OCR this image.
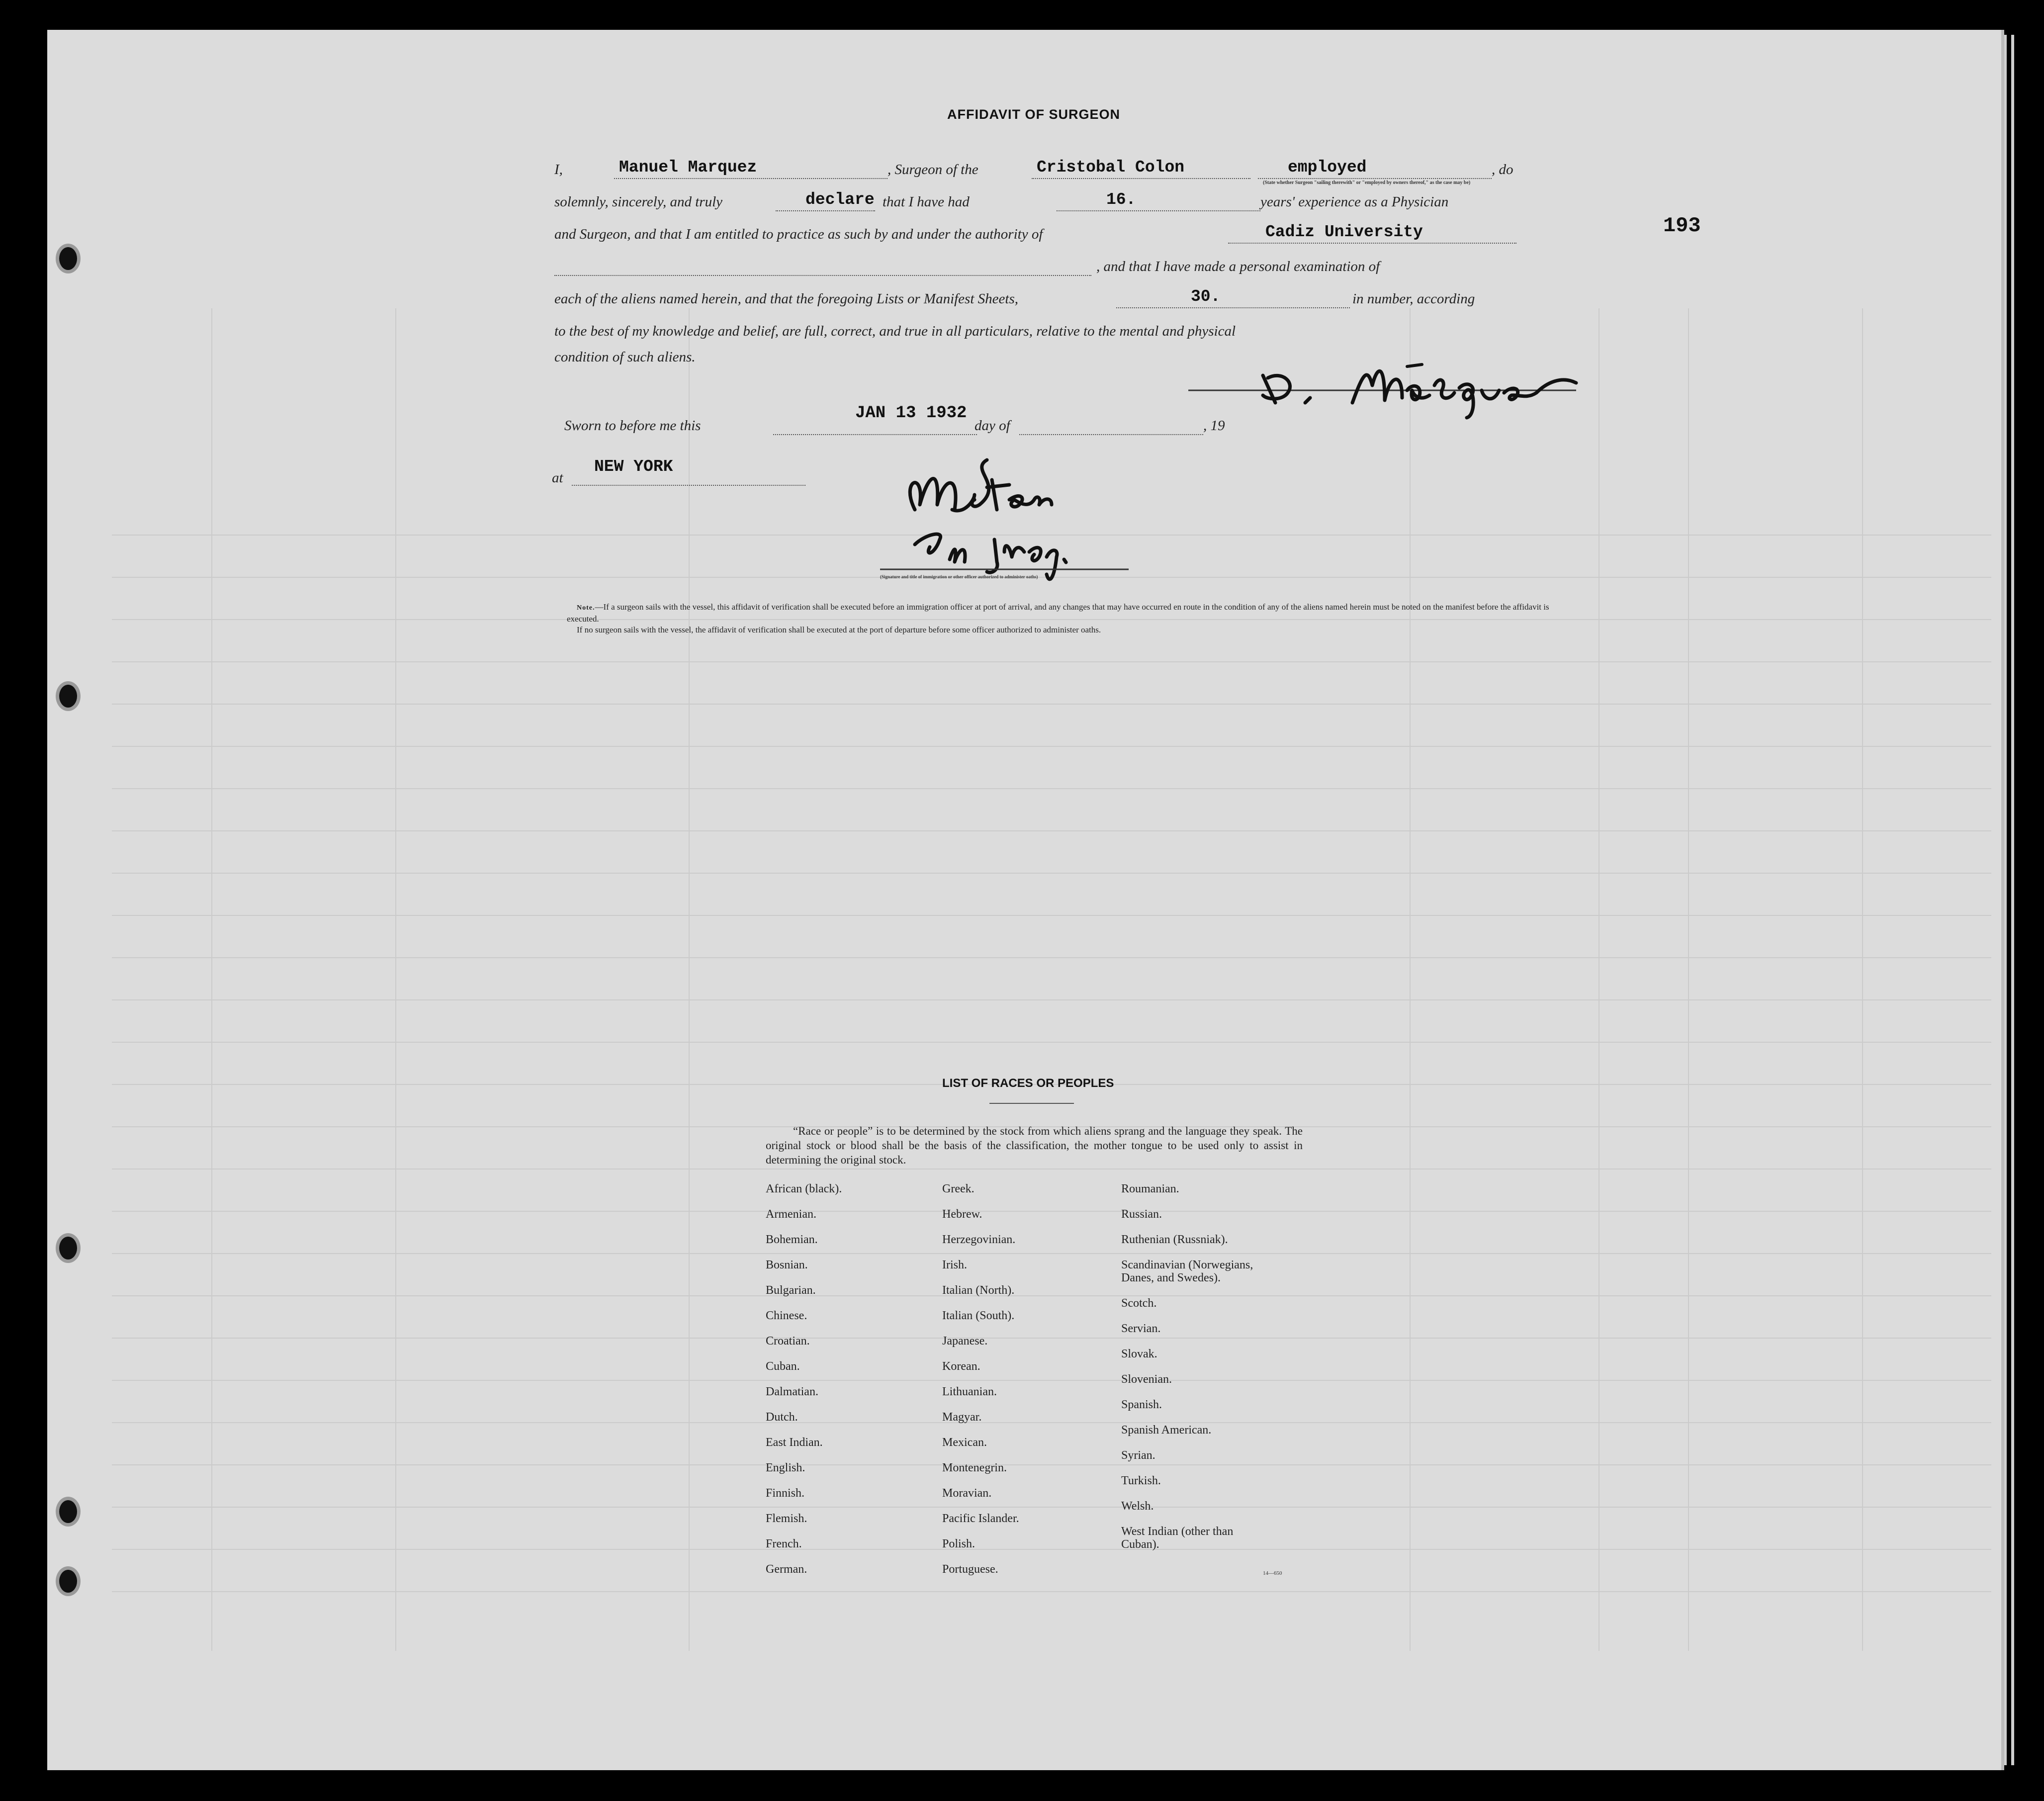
AFFIDAVIT OF SURGEON
I,	Manuel Marquez	, Surgeon of the	Cristobal Colon	employed	, do
(State whether Surgeon "sailing therewith" or "employed by owners thereof," as the case may be)
solemnly, sincerely, and truly	declare that I have had	16.	years' experience as a Physician
and Surgeon, and that I am entitled to practice as such by and under the authority of	Cadiz University
, and that I have made a personal examination of
each of the aliens named herein, and that the foregoing Lists or Manifest Sheets,	30.	in number, according
to the best of my knowledge and belief, are full, correct, and true in all particulars, relative to the mental and physical
condition of such aliens.
Sworn to before me this
JAN 13 1932
day of	, 19
at
NEW YORK
(Signature and title of immigration or other officer authorized to administer oaths)
Note.—If a surgeon sails with the vessel, this affidavit of verification shall be executed before an immigration officer at port of arrival, and any changes that may have occurred en route in the condition of any of the aliens named herein must be noted on the manifest before the affidavit is executed.
If no surgeon sails with the vessel, the affidavit of verification shall be executed at the port of departure before some officer authorized to administer oaths.
193
LIST OF RACES OR PEOPLES
“Race or people” is to be determined by the stock from which aliens sprang and the language they speak. The original stock or blood shall be the basis of the classification, the mother tongue to be used only to assist in determining the original stock.
African (black).
Armenian.
Bohemian.
Bosnian.
Bulgarian.
Chinese.
Croatian.
Cuban.
Dalmatian.
Dutch.
East Indian.
English.
Finnish.
Flemish.
French.
German.
Greek.
Hebrew.
Herzegovinian.
Irish.
Italian (North).
Italian (South).
Japanese.
Korean.
Lithuanian.
Magyar.
Mexican.
Montenegrin.
Moravian.
Pacific Islander.
Polish.
Portuguese.
Roumanian.
Russian.
Ruthenian (Russniak).
Scandinavian (Norwegians,
Danes, and Swedes).
Scotch.
Servian.
Slovak.
Slovenian.
Spanish.
Spanish American.
Syrian.
Turkish.
Welsh.
West Indian (other than
Cuban).
14—650
